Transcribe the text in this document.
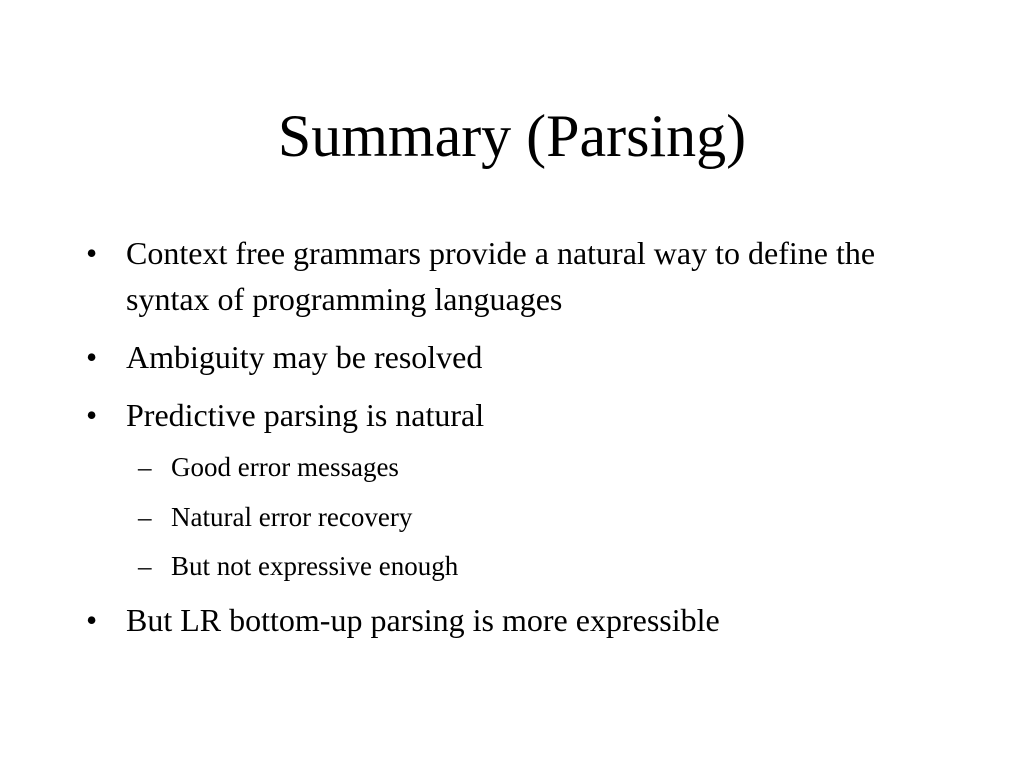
Summary (Parsing)
• Context free grammars provide a natural way to define the syntax of programming languages
• Ambiguity may be resolved
• Predictive parsing is natural
– Good error messages
– Natural error recovery
– But not expressive enough
• But LR bottom-up parsing is more expressible
